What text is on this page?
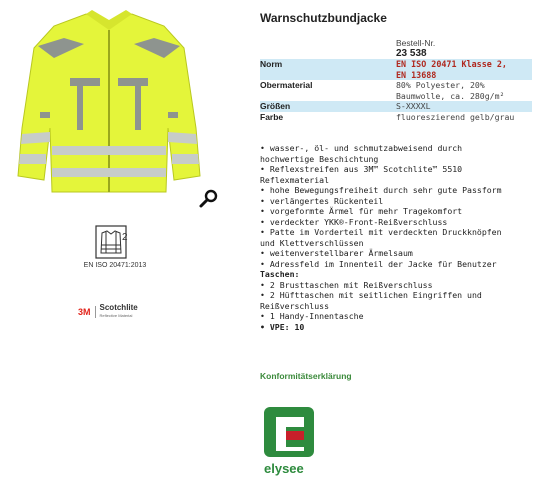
2
EN ISO 20471:2013
3M Scotchlite
Reflective Material
Warnschutzbundjacke

	Bestell-Nr.
23 538

Norm	EN ISO 20471 Klasse 2,
EN 13688

Obermaterial	80% Polyester, 20%
Baumwolle, ca. 280g/m²

Größen	S-XXXXL
Farbe	fluoreszierend gelb/grau
• wasser-, öl- und schmutzabweisend durch
hochwertige Beschichtung
• Reflexstreifen aus 3M™ Scotchlite™ 5510
Reflexmaterial
• hohe Bewegungsfreiheit durch sehr gute Passform
• verlängertes Rückenteil
• vorgeformte Ärmel für mehr Tragekomfort
• verdeckter YKK®-Front-Reißverschluss
• Patte im Vorderteil mit verdeckten Druckknöpfen
und Klettverschlüssen
• weitenverstellbarer Ärmelsaum
• Adressfeld im Innenteil der Jacke für Benutzer
Taschen:
• 2 Brusttaschen mit Reißverschluss
• 2 Hüfttaschen mit seitlichen Eingriffen und
Reißverschluss
• 1 Handy-Innentasche
• VPE: 10
Konformitätserklärung
elysee
